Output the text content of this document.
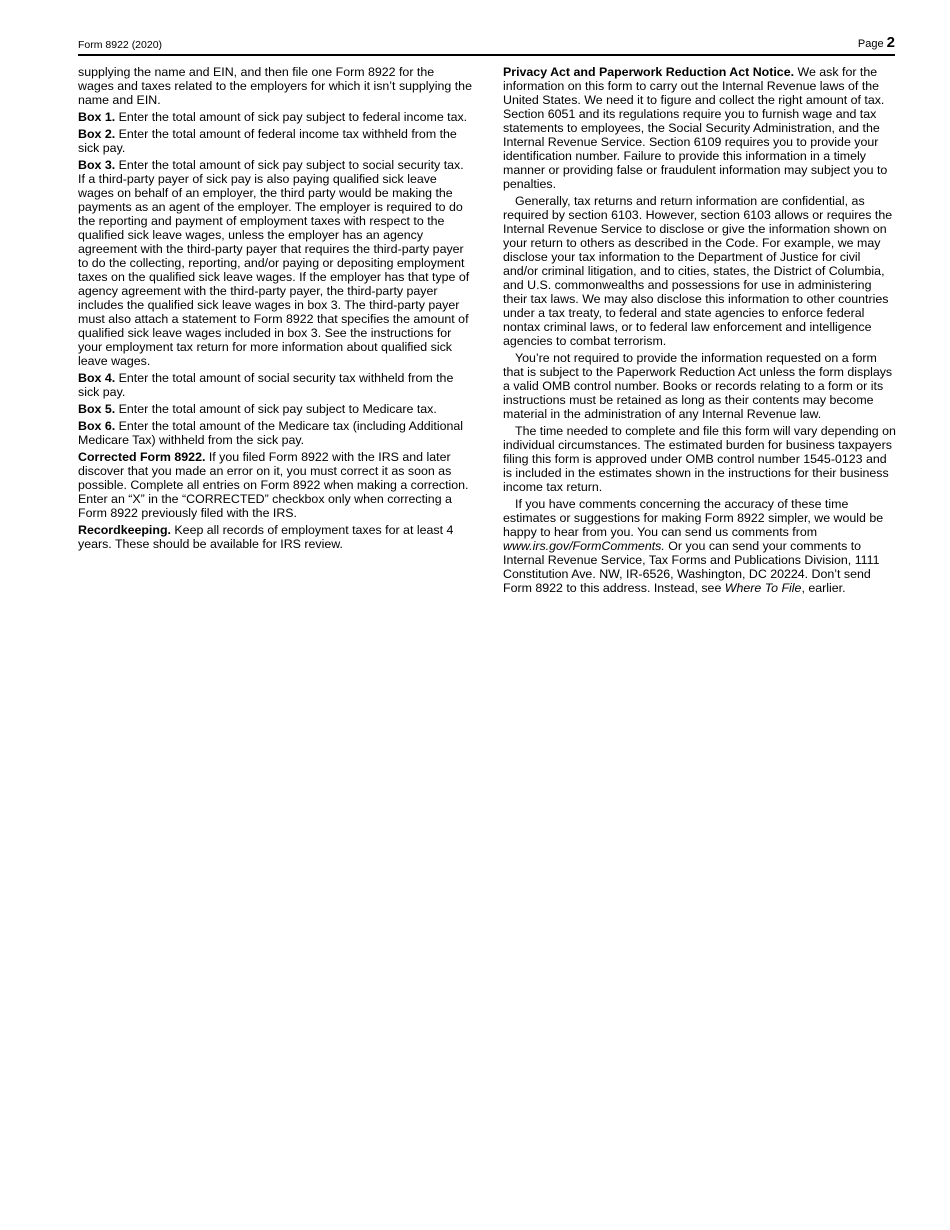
Form 8922 (2020)	Page 2

supplying the name and EIN, and then file one Form 8922 for the wages and taxes related to the employers for which it isn’t supplying the name and EIN.

Box 1. Enter the total amount of sick pay subject to federal income tax.

Box 2. Enter the total amount of federal income tax withheld from the sick pay.

Box 3. Enter the total amount of sick pay subject to social security tax. If a third-party payer of sick pay is also paying qualified sick leave wages on behalf of an employer, the third party would be making the payments as an agent of the employer. The employer is required to do the reporting and payment of employment taxes with respect to the qualified sick leave wages, unless the employer has an agency agreement with the third-party payer that requires the third-party payer to do the collecting, reporting, and/or paying or depositing employment taxes on the qualified sick leave wages. If the employer has that type of agency agreement with the third-party payer, the third-party payer includes the qualified sick leave wages in box 3. The third-party payer must also attach a statement to Form 8922 that specifies the amount of qualified sick leave wages included in box 3. See the instructions for your employment tax return for more information about qualified sick leave wages.

Box 4. Enter the total amount of social security tax withheld from the sick pay.

Box 5. Enter the total amount of sick pay subject to Medicare tax.

Box 6. Enter the total amount of the Medicare tax (including Additional Medicare Tax) withheld from the sick pay.

Corrected Form 8922. If you filed Form 8922 with the IRS and later discover that you made an error on it, you must correct it as soon as possible. Complete all entries on Form 8922 when making a correction. Enter an “X” in the “CORRECTED” checkbox only when correcting a Form 8922 previously filed with the IRS.

Recordkeeping. Keep all records of employment taxes for at least 4 years. These should be available for IRS review.

Privacy Act and Paperwork Reduction Act Notice. We ask for the information on this form to carry out the Internal Revenue laws of the United States. We need it to figure and collect the right amount of tax. Section 6051 and its regulations require you to furnish wage and tax statements to employees, the Social Security Administration, and the Internal Revenue Service. Section 6109 requires you to provide your identification number. Failure to provide this information in a timely manner or providing false or fraudulent information may subject you to penalties.

Generally, tax returns and return information are confidential, as required by section 6103. However, section 6103 allows or requires the Internal Revenue Service to disclose or give the information shown on your return to others as described in the Code. For example, we may disclose your tax information to the Department of Justice for civil and/or criminal litigation, and to cities, states, the District of Columbia, and U.S. commonwealths and possessions for use in administering their tax laws. We may also disclose this information to other countries under a tax treaty, to federal and state agencies to enforce federal nontax criminal laws, or to federal law enforcement and intelligence agencies to combat terrorism.

You’re not required to provide the information requested on a form that is subject to the Paperwork Reduction Act unless the form displays a valid OMB control number. Books or records relating to a form or its instructions must be retained as long as their contents may become material in the administration of any Internal Revenue law.

The time needed to complete and file this form will vary depending on individual circumstances. The estimated burden for business taxpayers filing this form is approved under OMB control number 1545-0123 and is included in the estimates shown in the instructions for their business income tax return.

If you have comments concerning the accuracy of these time estimates or suggestions for making Form 8922 simpler, we would be happy to hear from you. You can send us comments from www.irs.gov/FormComments. Or you can send your comments to Internal Revenue Service, Tax Forms and Publications Division, 1111 Constitution Ave. NW, IR-6526, Washington, DC 20224. Don’t send Form 8922 to this address. Instead, see Where To File, earlier.
